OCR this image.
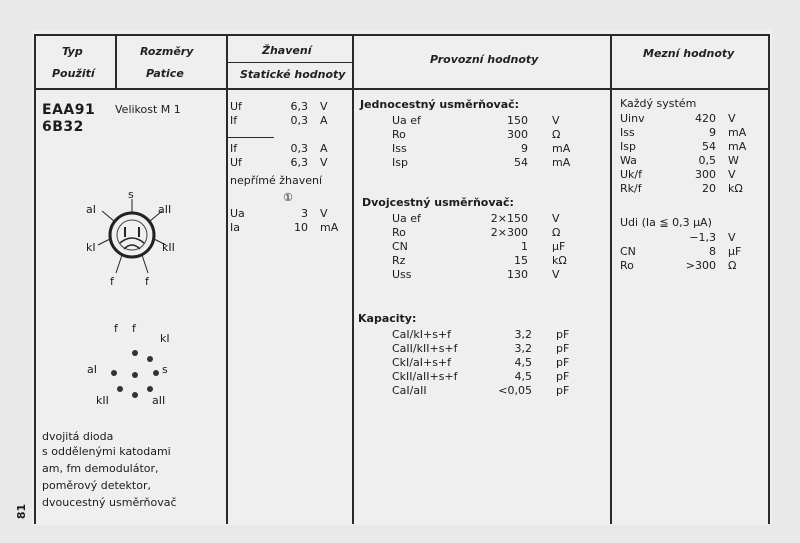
Typ
Použití
Rozměry
Patice
Žhavení
Statické hodnoty
Provozní hodnoty	Mezní hodnoty
EAA91
6B32
Velikost M 1
s
aI	aII
kI	kII
f	f
f f
kI
aI	s
kII	aII
dvojitá dioda
s oddělenými katodami
am, fm demodulátor,
poměrový detektor,
dvoucestný usměrňovač
Uf	6,3	V
If	0,3	A

If	0,3	A
Uf	6,3	V
nepřímé žhavení
①
Ua	3	V
Ia	10	mA
Jednocestný usměrňovač:
Ua ef	150	V
Ro	300	Ω
Iss	9	mA
Isp	54	mA
Dvojcestný usměrňovač:
Ua ef	2×150	V
Ro	2×300	Ω
CN	1	μF
Rz	15	kΩ
Uss	130	V
Kapacity:
CaI/kI+s+f	3,2	pF
CaII/kII+s+f	3,2	pF
CkI/aI+s+f	4,5	pF
CkII/aII+s+f	4,5	pF
CaI/aII	<0,05	pF
Každý systém
Uinv	420	V
Iss	9	mA
Isp	54	mA
Wa	0,5	W
Uk/f	300	V
Rk/f	20	kΩ
Udi (Ia ≦ 0,3 μA)
	−1,3	V
CN	8	μF
Ro	>300	Ω
81
